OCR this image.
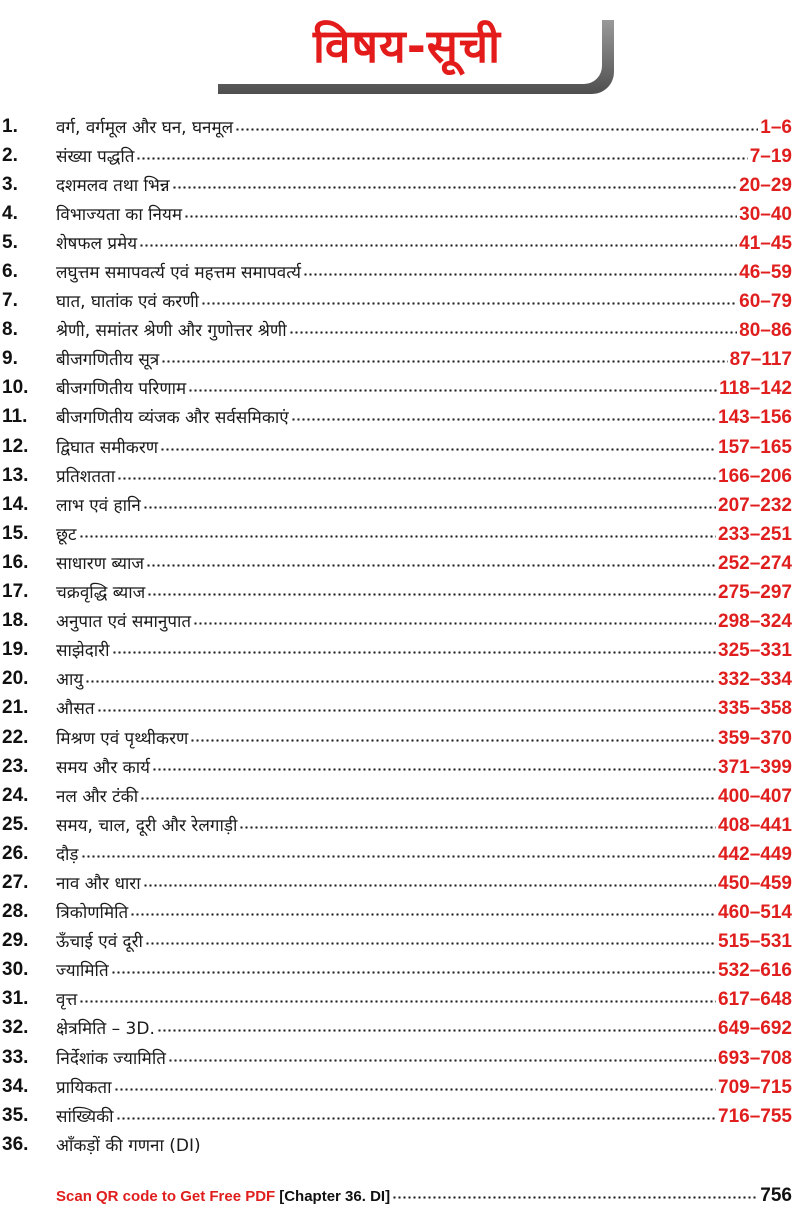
विषय-सूची
1.	वर्ग, वर्गमूल और घन, घनमूल	1–6
2.	संख्या पद्धति	7–19
3.	दशमलव तथा भिन्न	20–29
4.	विभाज्यता का नियम	30–40
5.	शेषफल प्रमेय	41–45
6.	लघुत्तम समापवर्त्य एवं महत्तम समापवर्त्य	46–59
7.	घात, घातांक एवं करणी	60–79
8.	श्रेणी, समांतर श्रेणी और गुणोत्तर श्रेणी	80–86
9.	बीजगणितीय सूत्र	87–117
10.	बीजगणितीय परिणाम	118–142
11.	बीजगणितीय व्यंजक और सर्वसमिकाएं	143–156
12.	द्विघात समीकरण	157–165
13.	प्रतिशतता	166–206
14.	लाभ एवं हानि	207–232
15.	छूट	233–251
16.	साधारण ब्याज	252–274
17.	चक्रवृद्धि ब्याज	275–297
18.	अनुपात एवं समानुपात	298–324
19.	साझेदारी	325–331
20.	आयु	332–334
21.	औसत	335–358
22.	मिश्रण एवं पृथ्थीकरण	359–370
23.	समय और कार्य	371–399
24.	नल और टंकी	400–407
25.	समय, चाल, दूरी और रेलगाड़ी	408–441
26.	दौड़	442–449
27.	नाव और धारा	450–459
28.	त्रिकोणमिति	460–514
29.	ऊँचाई एवं दूरी	515–531
30.	ज्यामिति	532–616
31.	वृत्त	617–648
32.	क्षेत्रमिति – 3D.	649–692
33.	निर्देशांक ज्यामिति	693–708
34.	प्रायिकता	709–715
35.	सांख्यिकी	716–755
36.	आँकड़ों की गणना (DI)
Scan QR code to Get Free PDF [Chapter 36. DI]	756
